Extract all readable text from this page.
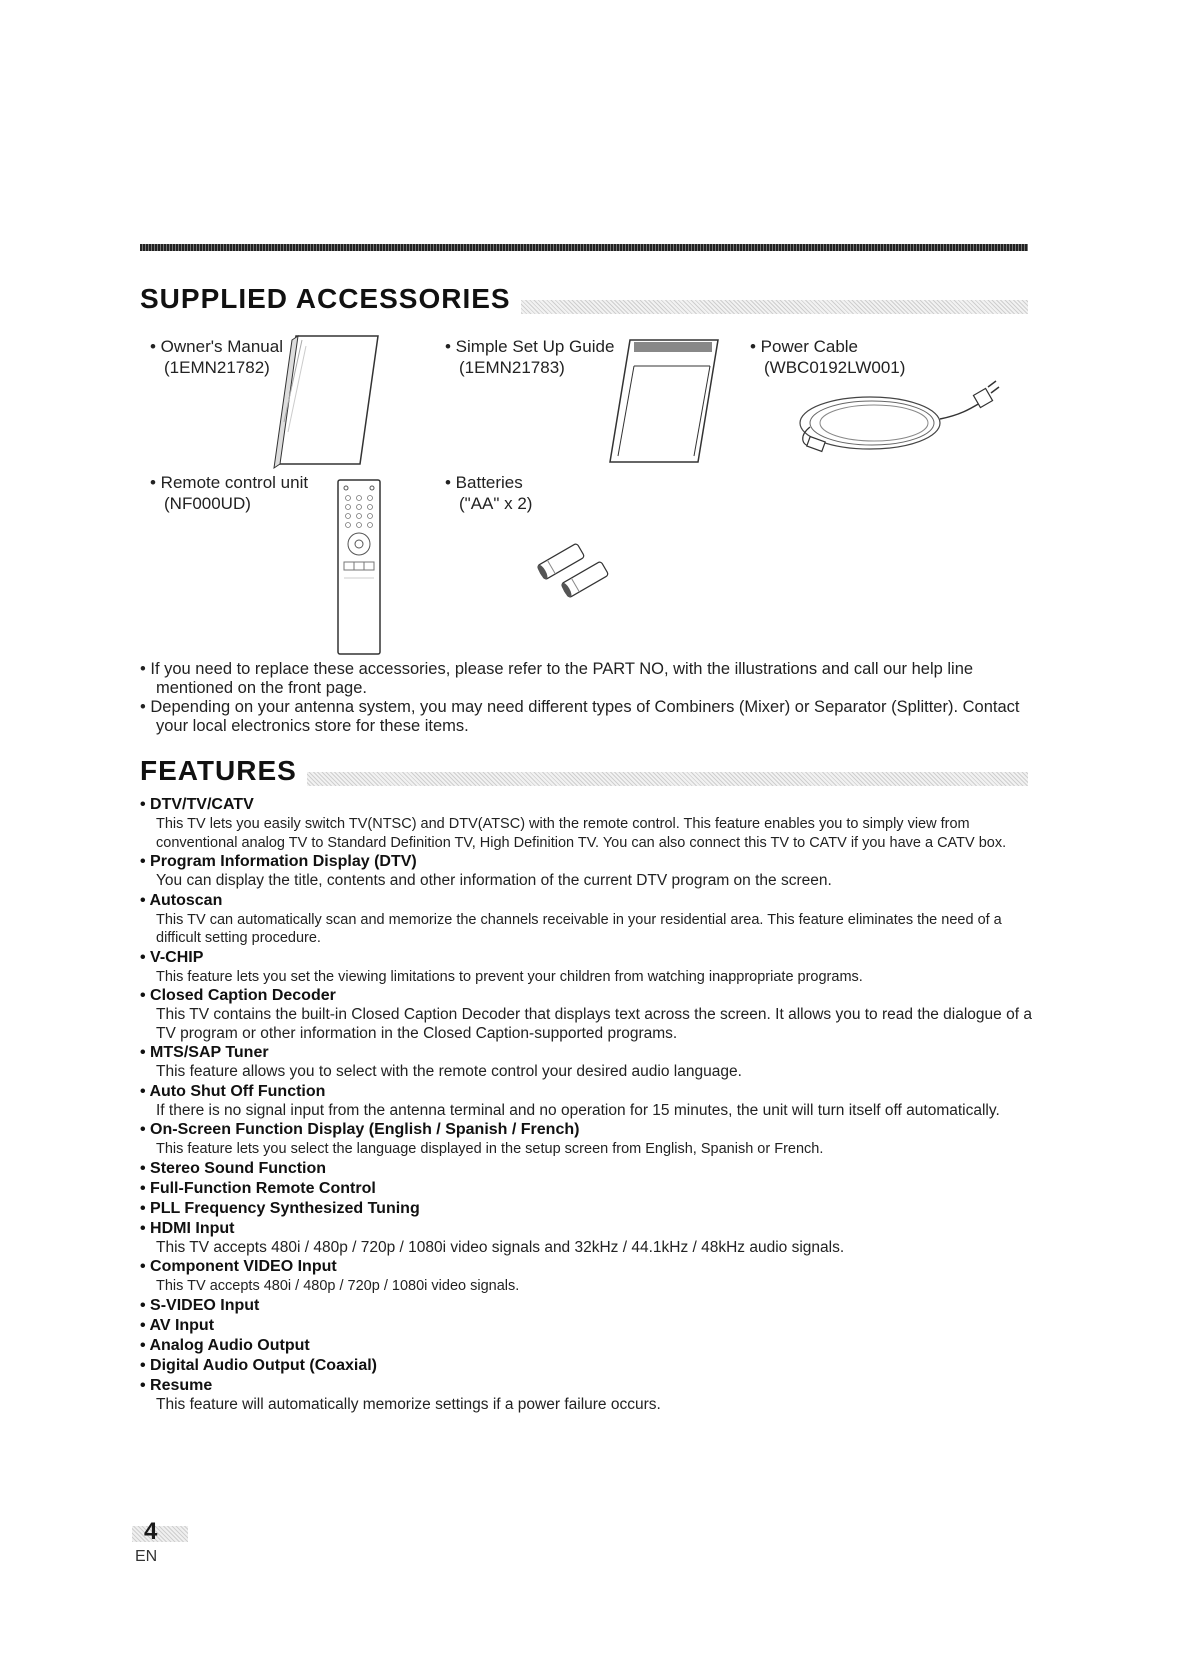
SUPPLIED ACCESSORIES
• Owner's Manual
(1EMN21782)
• Simple Set Up Guide
(1EMN21783)
• Power Cable
(WBC0192LW001)
• Remote control unit
(NF000UD)
• Batteries
("AA" x 2)

• If you need to replace these accessories, please refer to the PART NO, with the illustrations and call our help line mentioned on the front page.

• Depending on your antenna system, you may need different types of Combiners (Mixer) or Separator (Splitter). Contact your local electronics store for these items.

FEATURES
• DTV/TV/CATV
This TV lets you easily switch TV(NTSC) and DTV(ATSC) with the remote control. This feature enables you to simply view from conventional analog TV to Standard Definition TV, High Definition TV. You can also connect this TV to CATV if you have a CATV box.
• Program Information Display (DTV)
You can display the title, contents and other information of the current DTV program on the screen.
• Autoscan
This TV can automatically scan and memorize the channels receivable in your residential area. This feature eliminates the need of a difficult setting procedure.
• V-CHIP
This feature lets you set the viewing limitations to prevent your children from watching inappropriate programs.
• Closed Caption Decoder
This TV contains the built-in Closed Caption Decoder that displays text across the screen. It allows you to read the dialogue of a TV program or other information in the Closed Caption-supported programs.
• MTS/SAP Tuner
This feature allows you to select with the remote control your desired audio language.
• Auto Shut Off Function
If there is no signal input from the antenna terminal and no operation for 15 minutes, the unit will turn itself off automatically.
• On-Screen Function Display (English / Spanish / French)
This feature lets you select the language displayed in the setup screen from English, Spanish or French.
• Stereo Sound Function
• Full-Function Remote Control
• PLL Frequency Synthesized Tuning
• HDMI Input
This TV accepts 480i / 480p / 720p / 1080i video signals and 32kHz / 44.1kHz / 48kHz audio signals.
• Component VIDEO Input
This TV accepts 480i / 480p / 720p / 1080i video signals.
• S-VIDEO Input
• AV Input
• Analog Audio Output
• Digital Audio Output (Coaxial)
• Resume
This feature will automatically memorize settings if a power failure occurs.
4
EN
